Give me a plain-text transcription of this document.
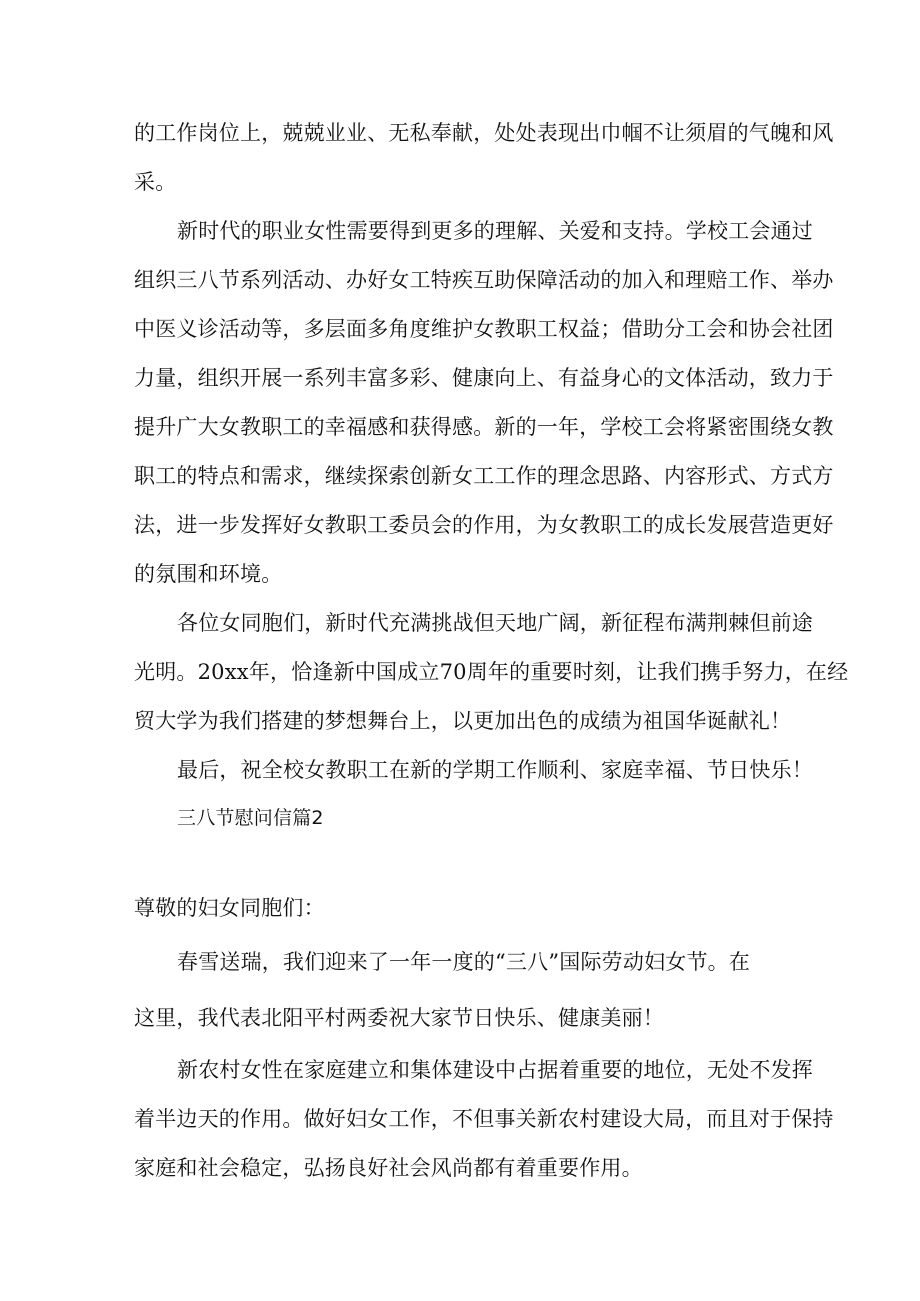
的工作岗位上，兢兢业业、无私奉献，处处表现出巾帼不让须眉的气魄和风
采。
新时代的职业女性需要得到更多的理解、关爱和支持。学校工会通过
组织三八节系列活动、办好女工特疾互助保障活动的加入和理赔工作、举办
中医义诊活动等，多层面多角度维护女教职工权益；借助分工会和协会社团
力量，组织开展一系列丰富多彩、健康向上、有益身心的文体活动，致力于
提升广大女教职工的幸福感和获得感。新的一年，学校工会将紧密围绕女教
职工的特点和需求，继续探索创新女工工作的理念思路、内容形式、方式方
法，进一步发挥好女教职工委员会的作用，为女教职工的成长发展营造更好
的氛围和环境。
各位女同胞们，新时代充满挑战但天地广阔，新征程布满荆棘但前途
光明。20xx年，恰逢新中国成立70周年的重要时刻，让我们携手努力，在经
贸大学为我们搭建的梦想舞台上，以更加出色的成绩为祖国华诞献礼！
最后，祝全校女教职工在新的学期工作顺利、家庭幸福、节日快乐！
三八节慰问信篇2
尊敬的妇女同胞们：
春雪送瑞，我们迎来了一年一度的“三八”国际劳动妇女节。在
这里，我代表北阳平村两委祝大家节日快乐、健康美丽！
新农村女性在家庭建立和集体建设中占据着重要的地位，无处不发挥
着半边天的作用。做好妇女工作，不但事关新农村建设大局，而且对于保持
家庭和社会稳定，弘扬良好社会风尚都有着重要作用。
